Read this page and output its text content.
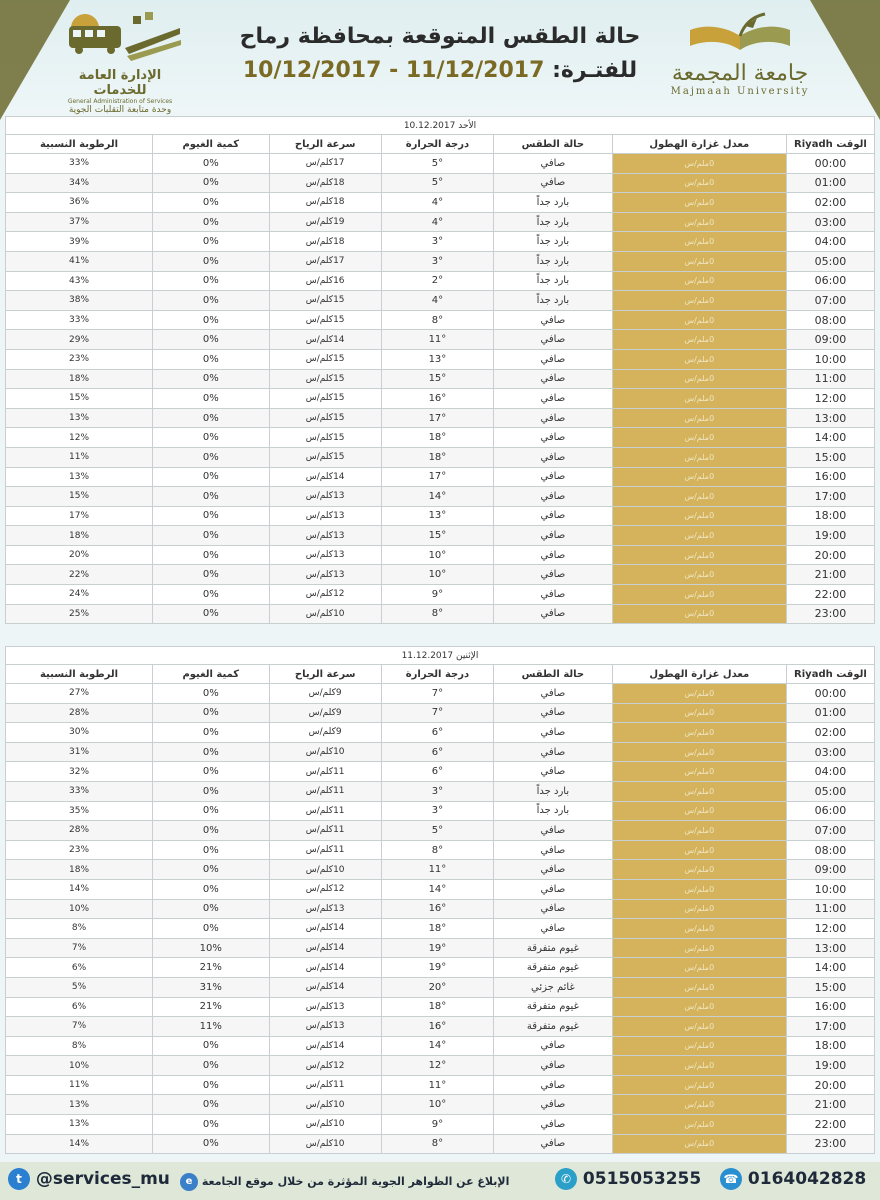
الإدارة العامة للخدمات
General Administration of Services
وحدة متابعة التقلبات الجوية
حالة الطقس المتوقعة بمحافظة رماح
للفتـرة: 10/12/2017 - 11/12/2017	جامعة المجمعة
Majmaah University
الأحد 10.12.2017						
الوقت Riyadh	معدل غزارة الهطول	حالة الطقس	درجة الحرارة	سرعة الرياح	كمية الغيوم	الرطوبة النسبية
00:00	0ملم/س	صافي	5°	17كلم/س	0%	33%
01:00	0ملم/س	صافي	5°	18كلم/س	0%	34%
02:00	0ملم/س	بارد جداً	4°	18كلم/س	0%	36%
03:00	0ملم/س	بارد جداً	4°	19كلم/س	0%	37%
04:00	0ملم/س	بارد جداً	3°	18كلم/س	0%	39%
05:00	0ملم/س	بارد جداً	3°	17كلم/س	0%	41%
06:00	0ملم/س	بارد جداً	2°	16كلم/س	0%	43%
07:00	0ملم/س	بارد جداً	4°	15كلم/س	0%	38%
08:00	0ملم/س	صافي	8°	15كلم/س	0%	33%
09:00	0ملم/س	صافي	11°	14كلم/س	0%	29%
10:00	0ملم/س	صافي	13°	15كلم/س	0%	23%
11:00	0ملم/س	صافي	15°	15كلم/س	0%	18%
12:00	0ملم/س	صافي	16°	15كلم/س	0%	15%
13:00	0ملم/س	صافي	17°	15كلم/س	0%	13%
14:00	0ملم/س	صافي	18°	15كلم/س	0%	12%
15:00	0ملم/س	صافي	18°	15كلم/س	0%	11%
16:00	0ملم/س	صافي	17°	14كلم/س	0%	13%
17:00	0ملم/س	صافي	14°	13كلم/س	0%	15%
18:00	0ملم/س	صافي	13°	13كلم/س	0%	17%
19:00	0ملم/س	صافي	15°	13كلم/س	0%	18%
20:00	0ملم/س	صافي	10°	13كلم/س	0%	20%
21:00	0ملم/س	صافي	10°	13كلم/س	0%	22%
22:00	0ملم/س	صافي	9°	12كلم/س	0%	24%
23:00	0ملم/س	صافي	8°	10كلم/س	0%	25%
الإثنين 11.12.2017						
الوقت Riyadh	معدل غزارة الهطول	حالة الطقس	درجة الحرارة	سرعة الرياح	كمية الغيوم	الرطوبة النسبية
00:00	0ملم/س	صافي	7°	9كلم/س	0%	27%
01:00	0ملم/س	صافي	7°	9كلم/س	0%	28%
02:00	0ملم/س	صافي	6°	9كلم/س	0%	30%
03:00	0ملم/س	صافي	6°	10كلم/س	0%	31%
04:00	0ملم/س	صافي	6°	11كلم/س	0%	32%
05:00	0ملم/س	بارد جداً	3°	11كلم/س	0%	33%
06:00	0ملم/س	بارد جداً	3°	11كلم/س	0%	35%
07:00	0ملم/س	صافي	5°	11كلم/س	0%	28%
08:00	0ملم/س	صافي	8°	11كلم/س	0%	23%
09:00	0ملم/س	صافي	11°	10كلم/س	0%	18%
10:00	0ملم/س	صافي	14°	12كلم/س	0%	14%
11:00	0ملم/س	صافي	16°	13كلم/س	0%	10%
12:00	0ملم/س	صافي	18°	14كلم/س	0%	8%
13:00	0ملم/س	غيوم متفرقة	19°	14كلم/س	10%	7%
14:00	0ملم/س	غيوم متفرقة	19°	14كلم/س	21%	6%
15:00	0ملم/س	غائم جزئي	20°	14كلم/س	31%	5%
16:00	0ملم/س	غيوم متفرقة	18°	13كلم/س	21%	6%
17:00	0ملم/س	غيوم متفرقة	16°	13كلم/س	11%	7%
18:00	0ملم/س	صافي	14°	14كلم/س	0%	8%
19:00	0ملم/س	صافي	12°	12كلم/س	0%	10%
20:00	0ملم/س	صافي	11°	11كلم/س	0%	11%
21:00	0ملم/س	صافي	10°	10كلم/س	0%	13%
22:00	0ملم/س	صافي	9°	10كلم/س	0%	13%
23:00	0ملم/س	صافي	8°	10كلم/س	0%	14%
t @services_mu	الإبلاغ عن الظواهر الجوية المؤثرة من خلال موقع الجامعة e	✆ 0515053255 ☎ 0164042828
